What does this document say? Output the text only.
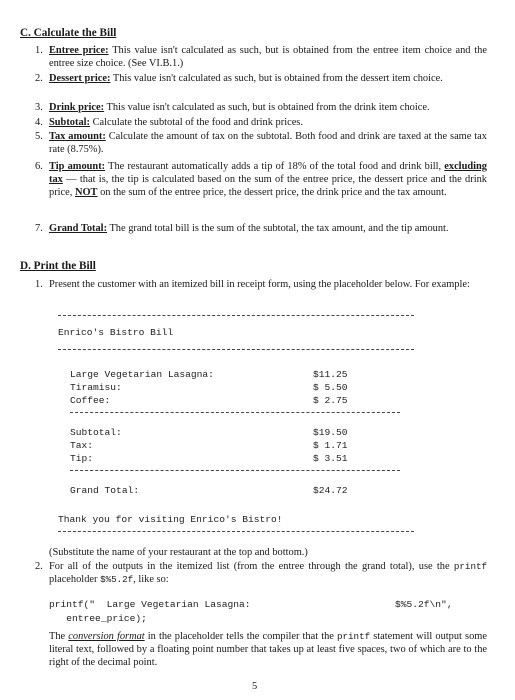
C. Calculate the Bill
1. Entree price: This value isn't calculated as such, but is obtained from the entree item choice and the entree size choice. (See VI.B.1.)
2. Dessert price: This value isn't calculated as such, but is obtained from the dessert item choice.
3. Drink price: This value isn't calculated as such, but is obtained from the drink item choice.
4. Subtotal: Calculate the subtotal of the food and drink prices.
5. Tax amount: Calculate the amount of tax on the subtotal. Both food and drink are taxed at the same tax rate (8.75%).
6. Tip amount: The restaurant automatically adds a tip of 18% of the total food and drink bill, excluding tax — that is, the tip is calculated based on the sum of the entree price, the dessert price and the drink price, NOT on the sum of the entree price, the dessert price, the drink price and the tax amount.
7. Grand Total: The grand total bill is the sum of the subtotal, the tax amount, and the tip amount.
D. Print the Bill
1. Present the customer with an itemized bill in receipt form, using the placeholder below. For example:
Enrico's Bistro Bill
Large Vegetarian Lasagna:	$11.25
Tiramisu:	$ 5.50
Coffee:	$ 2.75
Subtotal:	$19.50
Tax:	$ 1.71
Tip:	$ 3.51
Grand Total:	$24.72
Thank you for visiting Enrico's Bistro!
(Substitute the name of your restaurant at the top and bottom.)
2. For all of the outputs in the itemized list (from the entree through the grand total), use the printf placeholder $%5.2f, like so:
printf("  Large Vegetarian Lasagna:	$%5.2f\n",
entree_price);
The conversion format in the placeholder tells the compiler that the printf statement will output some literal text, followed by a floating point number that takes up at least five spaces, two of which are to the right of the decimal point.
5
